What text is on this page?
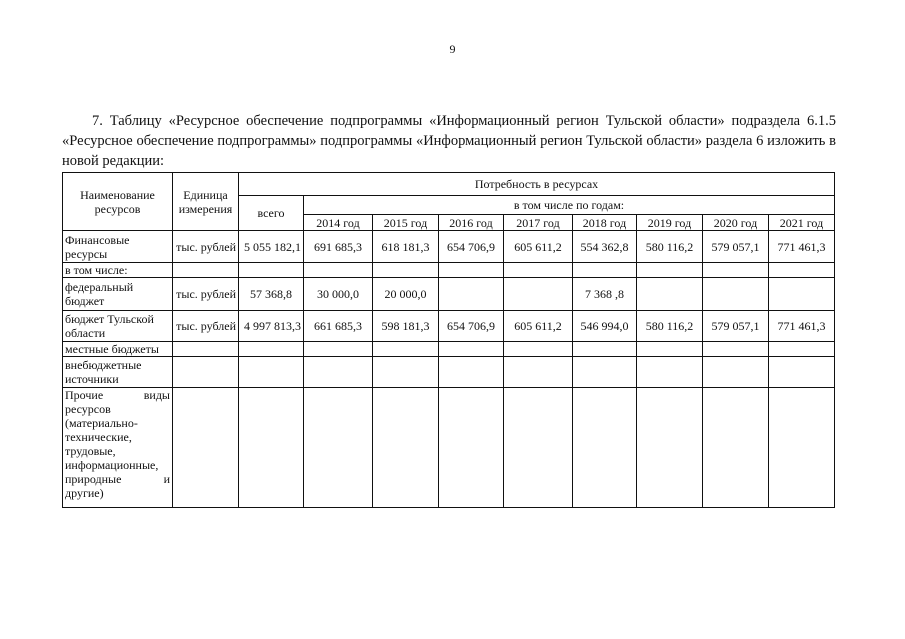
9

7. Таблицу «Ресурсное обеспечение подпрограммы «Информационный регион Тульской области» подраздела 6.1.5 «Ресурсное обеспечение подпрограммы» подпрограммы «Информационный регион Тульской области» раздела 6 изложить в новой редакции:

Наименование ресурсов	Единица измерения	Потребность в ресурсах								
		всего	в том числе по годам:							
			2014 год	2015 год	2016 год	2017 год	2018 год	2019 год	2020 год	2021 год
Финансовые ресурсы	тыс. рублей	5 055 182,1	691 685,3	618 181,3	654 706,9	605 611,2	554 362,8	580 116,2	579 057,1	771 461,3
в том числе:										
федеральный бюджет	тыс. рублей	57 368,8	30 000,0	20 000,0			7 368 ,8			
бюджет Тульской области	тыс. рублей	4 997 813,3	661 685,3	598 181,3	654 706,9	605 611,2	546 994,0	580 116,2	579 057,1	771 461,3
местные бюджеты										
внебюджетные источники										
Прочие виды ресурсов (материально-технические, трудовые, информационные, природные и другие)										
